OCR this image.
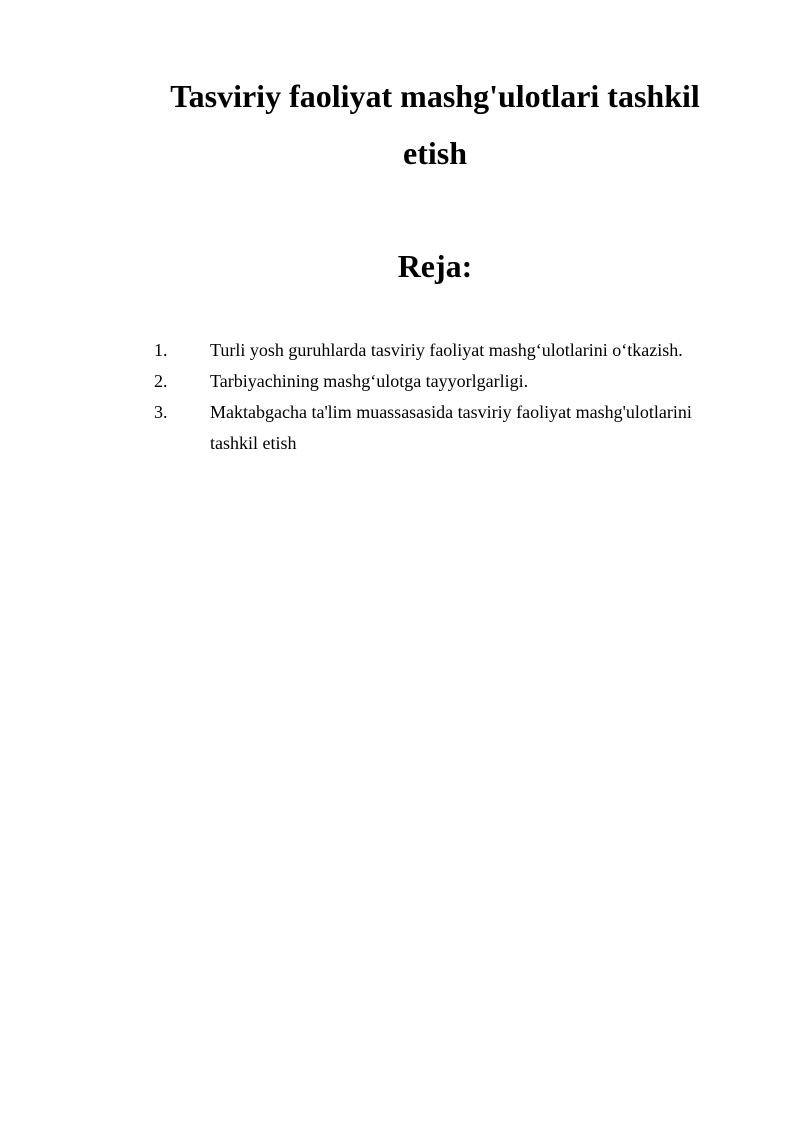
Tasviriy faoliyat mashg'ulotlari tashkil
etish
Reja:
1. Turli yosh guruhlarda tasviriy faoliyat mashg‘ulotlarini o‘tkazish.
2. Tarbiyachining mashg‘ulotga tayyorlgarligi.
3. Maktabgacha ta'lim muassasasida tasviriy faoliyat mashg'ulotlarini tashkil etish
